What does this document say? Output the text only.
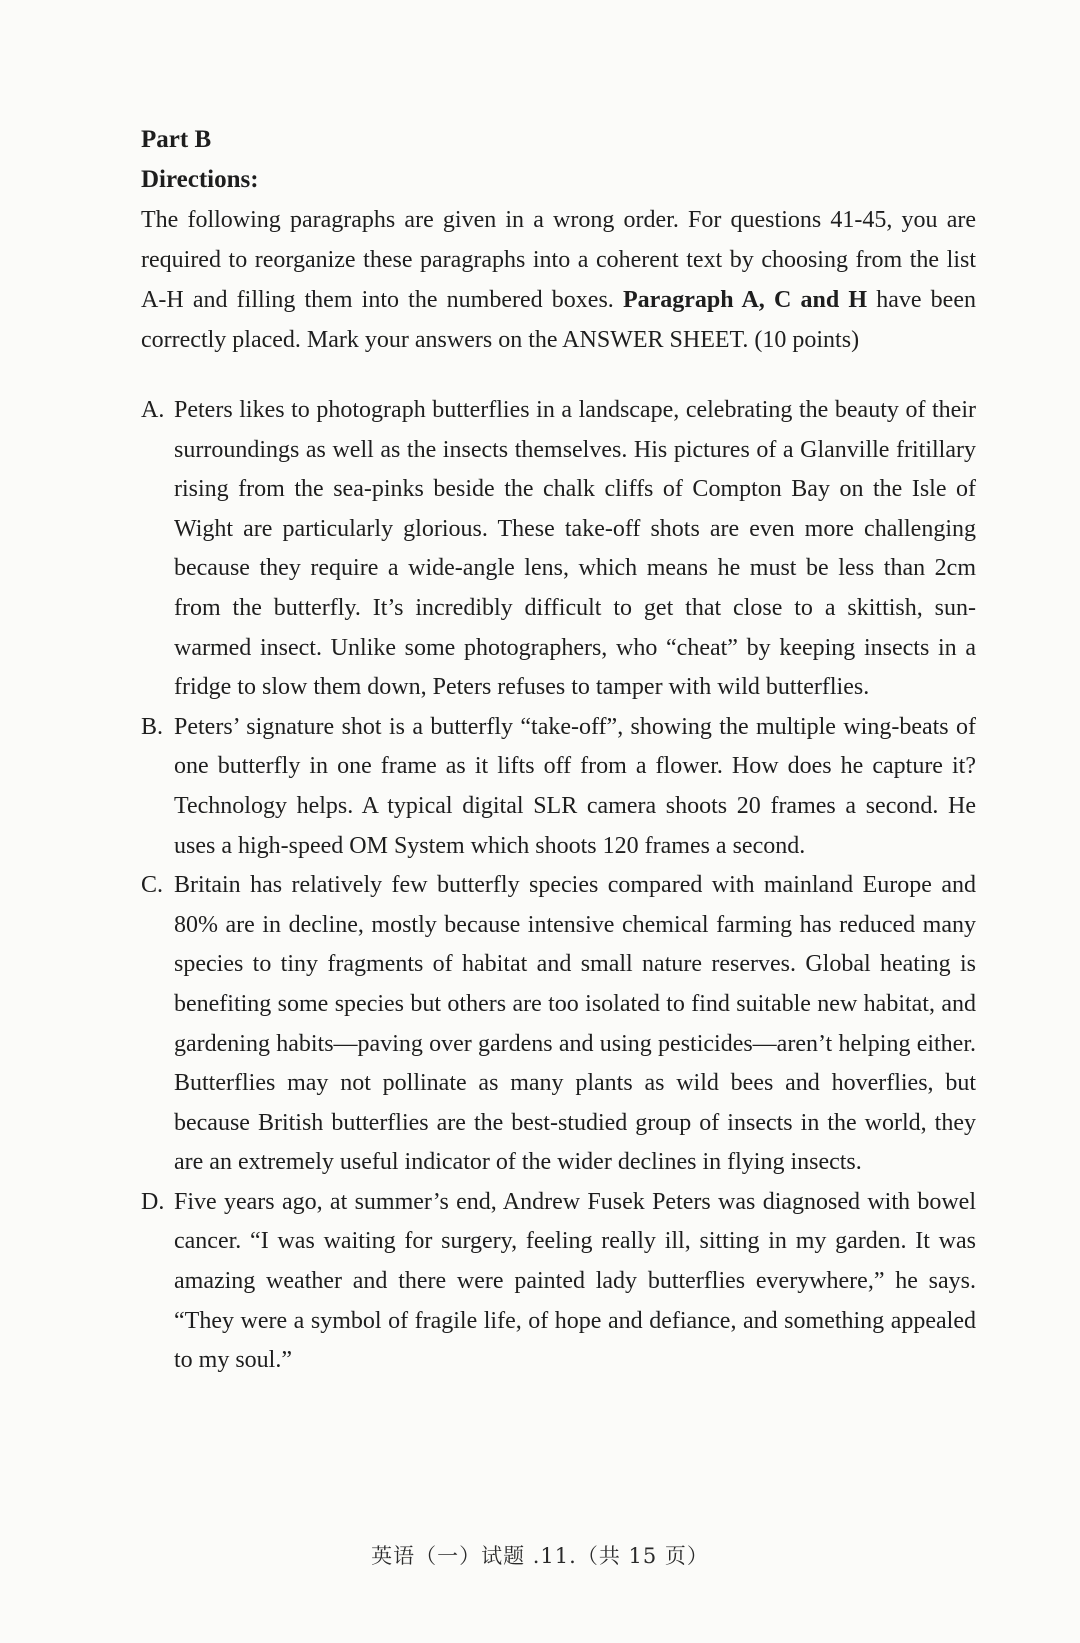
Part B

Directions:

The following paragraphs are given in a wrong order. For questions 41-45, you are required to reorganize these paragraphs into a coherent text by choosing from the list A-H and filling them into the numbered boxes. Paragraph A, C and H have been correctly placed. Mark your answers on the ANSWER SHEET. (10 points)

A. Peters likes to photograph butterflies in a landscape, celebrating the beauty of their surroundings as well as the insects themselves. His pictures of a Glanville fritillary rising from the sea-pinks beside the chalk cliffs of Compton Bay on the Isle of Wight are particularly glorious. These take-off shots are even more challenging because they require a wide-angle lens, which means he must be less than 2cm from the butterfly. It’s incredibly difficult to get that close to a skittish, sun-warmed insect. Unlike some photographers, who “cheat” by keeping insects in a fridge to slow them down, Peters refuses to tamper with wild butterflies.

B. Peters’ signature shot is a butterfly “take-off”, showing the multiple wing-beats of one butterfly in one frame as it lifts off from a flower. How does he capture it? Technology helps. A typical digital SLR camera shoots 20 frames a second. He uses a high-speed OM System which shoots 120 frames a second.

C. Britain has relatively few butterfly species compared with mainland Europe and 80% are in decline, mostly because intensive chemical farming has reduced many species to tiny fragments of habitat and small nature reserves. Global heating is benefiting some species but others are too isolated to find suitable new habitat, and gardening habits—paving over gardens and using pesticides—aren’t helping either. Butterflies may not pollinate as many plants as wild bees and hoverflies, but because British butterflies are the best-studied group of insects in the world, they are an extremely useful indicator of the wider declines in flying insects.

D. Five years ago, at summer’s end, Andrew Fusek Peters was diagnosed with bowel cancer. “I was waiting for surgery, feeling really ill, sitting in my garden. It was amazing weather and there were painted lady butterflies everywhere,” he says. “They were a symbol of fragile life, of hope and defiance, and something appealed to my soul.”

英语（一）试题 .11.（共 15 页）
